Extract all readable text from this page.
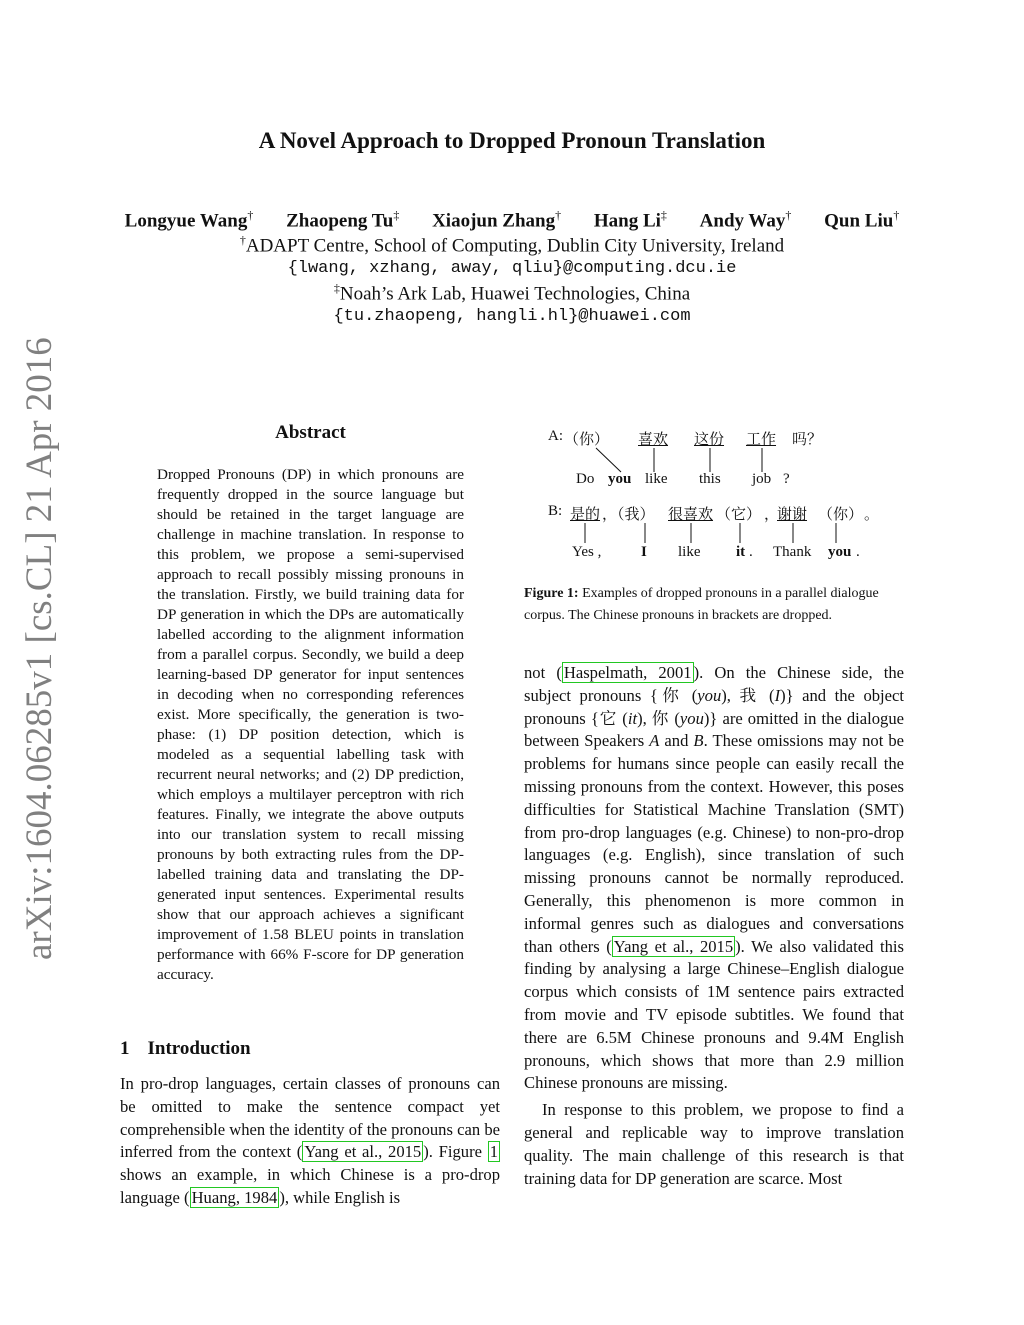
arXiv:1604.06285v1 [cs.CL] 21 Apr 2016
A Novel Approach to Dropped Pronoun Translation
Longyue Wang† Zhaopeng Tu‡ Xiaojun Zhang† Hang Li‡ Andy Way† Qun Liu†
†ADAPT Centre, School of Computing, Dublin City University, Ireland
{lwang, xzhang, away, qliu}@computing.dcu.ie
‡Noah’s Ark Lab, Huawei Technologies, China
{tu.zhaopeng, hangli.hl}@huawei.com
Abstract
Dropped Pronouns (DP) in which pronouns are frequently dropped in the source language but should be retained in the target language are challenge in machine translation. In response to this problem, we propose a semi-supervised approach to recall possibly missing pronouns in the translation. Firstly, we build training data for DP generation in which the DPs are automatically labelled according to the alignment information from a parallel corpus. Secondly, we build a deep learning-based DP generator for input sentences in decoding when no corresponding references exist. More specifically, the generation is two-phase: (1) DP position detection, which is modeled as a sequential labelling task with recurrent neural networks; and (2) DP prediction, which employs a multilayer perceptron with rich features. Finally, we integrate the above outputs into our translation system to recall missing pronouns by both extracting rules from the DP-labelled training data and translating the DP-generated input sentences. Experimental results show that our approach achieves a significant improvement of 1.58 BLEU points in translation performance with 66% F-score for DP generation accuracy.
1 Introduction

In pro-drop languages, certain classes of pronouns can be omitted to make the sentence compact yet comprehensible when the identity of the pronouns can be inferred from the context ( Yang et al., 2015 ). Figure 1 shows an example, in which Chinese is a pro-drop language ( Huang, 1984 ), while English is

A: （你） 喜欢 这份 工作 吗？
Do you like this job ?
B: 是的 ，（我） 很喜欢 （它） ，
谢谢 （你） 。
Yes ,	I like it . Thank you .
Figure 1: Examples of dropped pronouns in a parallel dialogue corpus. The Chinese pronouns in brackets are dropped.

not ( Haspelmath, 2001 ). On the Chinese side, the subject pronouns {你 (you), 我 (I)} and the object pronouns {它 (it), 你 (you)} are omitted in the dialogue between Speakers A and B. These omissions may not be problems for humans since people can easily recall the missing pronouns from the context. However, this poses difficulties for Statistical Machine Translation (SMT) from pro-drop languages (e.g. Chinese) to non-pro-drop languages (e.g. English), since translation of such missing pronouns cannot be normally reproduced. Generally, this phenomenon is more common in informal genres such as dialogues and conversations than others ( Yang et al., 2015 ). We also validated this finding by analysing a large Chinese–English dialogue corpus which consists of 1M sentence pairs extracted from movie and TV episode subtitles. We found that there are 6.5M Chinese pronouns and 9.4M English pronouns, which shows that more than 2.9 million Chinese pronouns are missing.

In response to this problem, we propose to find a general and replicable way to improve translation quality. The main challenge of this research is that training data for DP generation are scarce. Most
